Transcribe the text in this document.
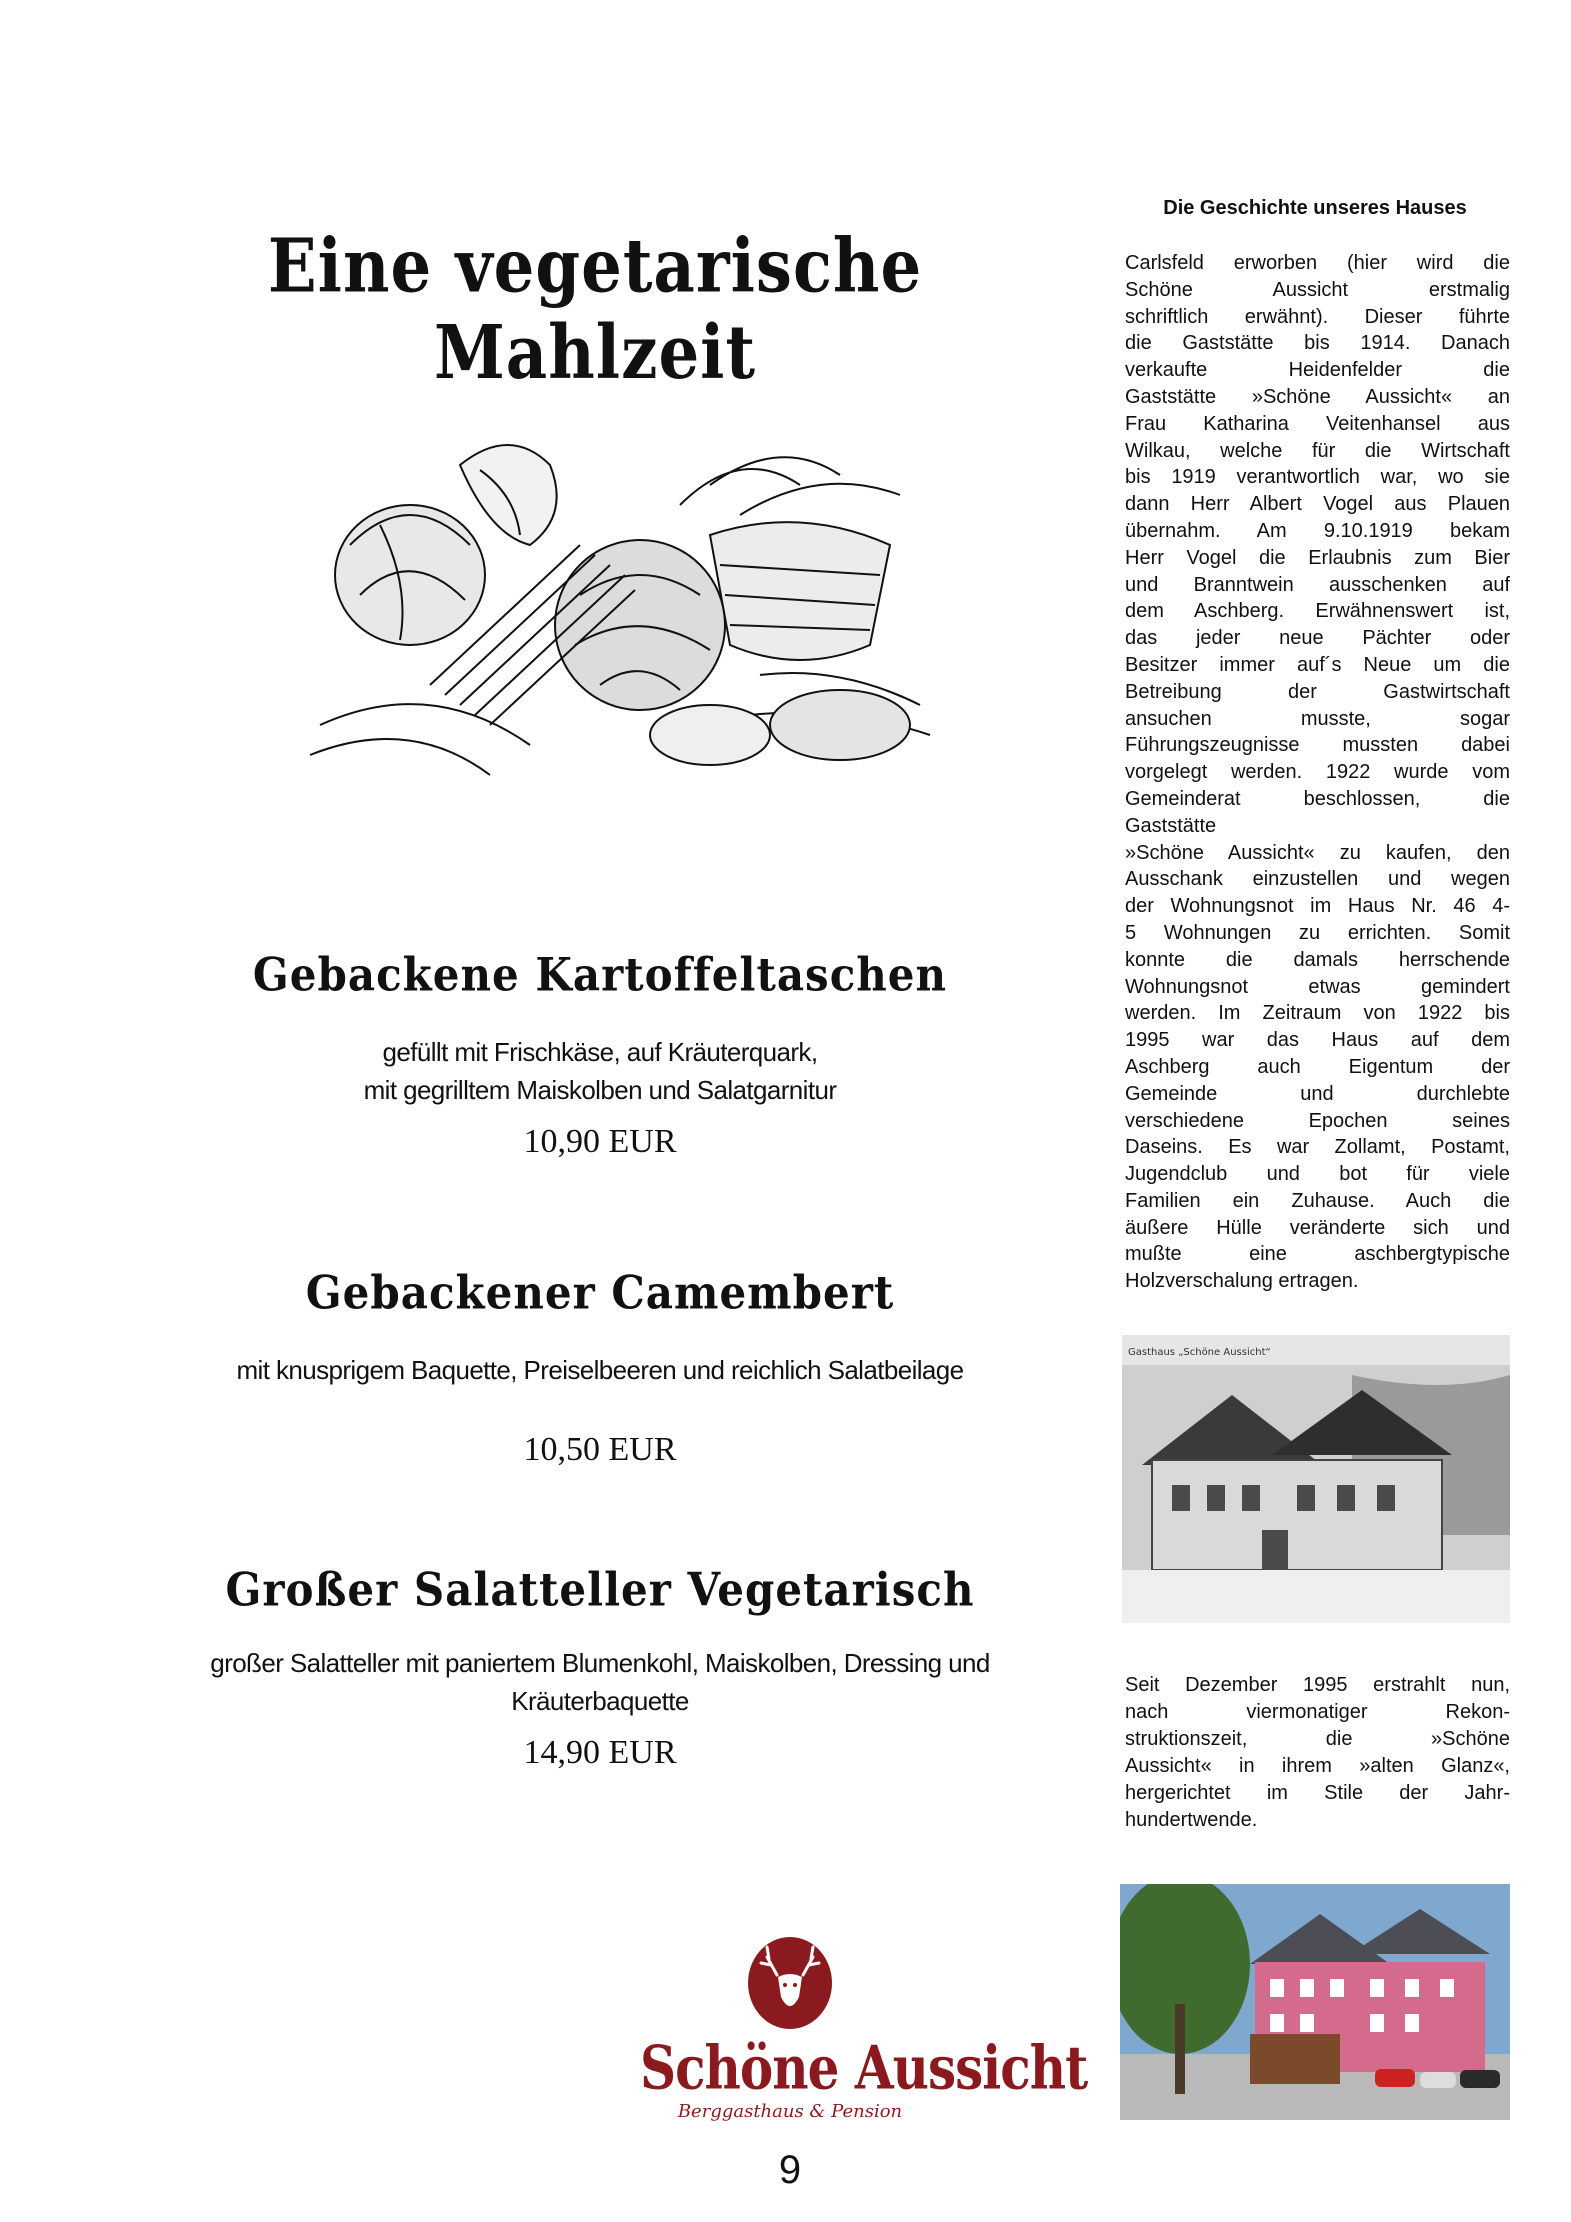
Eine vegetarische Mahlzeit
Gebackene Kartoffeltaschen
gefüllt mit Frischkäse, auf Kräuterquark,
mit gegrilltem Maiskolben und Salatgarnitur
10,90 EUR
Gebackener Camembert
mit knusprigem Baquette, Preiselbeeren und reichlich Salatbeilage
10,50 EUR
Großer Salatteller Vegetarisch
großer Salatteller mit paniertem Blumenkohl, Maiskolben, Dressing und
Kräuterbaquette
14,90 EUR
Schöne Aussicht
Berggasthaus & Pension
9
Die Geschichte unseres Hauses
Carlsfeld erworben (hier wird die
Schöne Aussicht erstmalig
schriftlich erwähnt). Dieser führte
die Gaststätte bis 1914. Danach
verkaufte Heidenfelder die
Gaststätte »Schöne Aussicht« an
Frau Katharina Veitenhansel aus
Wilkau, welche für die Wirtschaft
bis 1919 verantwortlich war, wo sie
dann Herr Albert Vogel aus Plauen
übernahm. Am 9.10.1919 bekam
Herr Vogel die Erlaubnis zum Bier
und Branntwein ausschenken auf
dem Aschberg. Erwähnenswert ist,
das jeder neue Pächter oder
Besitzer immer auf´s Neue um die
Betreibung der Gastwirtschaft
ansuchen musste, sogar
Führungszeugnisse mussten dabei
vorgelegt werden. 1922 wurde vom
Gemeinderat beschlossen, die
Gaststätte
»Schöne Aussicht« zu kaufen, den
Ausschank einzustellen und wegen
der Wohnungsnot im Haus Nr. 46 4-
5 Wohnungen zu errichten. Somit
konnte die damals herrschende
Wohnungsnot etwas gemindert
werden. Im Zeitraum von 1922 bis
1995 war das Haus auf dem
Aschberg auch Eigentum der
Gemeinde und durchlebte
verschiedene Epochen seines
Daseins. Es war Zollamt, Postamt,
Jugendclub und bot für viele
Familien ein Zuhause. Auch die
äußere Hülle veränderte sich und
mußte eine aschbergtypische
Holzverschalung ertragen.
Gasthaus „Schöne Aussicht“
Seit Dezember 1995 erstrahlt nun,
nach viermonatiger Rekon-
struktionszeit, die »Schöne
Aussicht« in ihrem »alten Glanz«,
hergerichtet im Stile der Jahr-
hundertwende.
